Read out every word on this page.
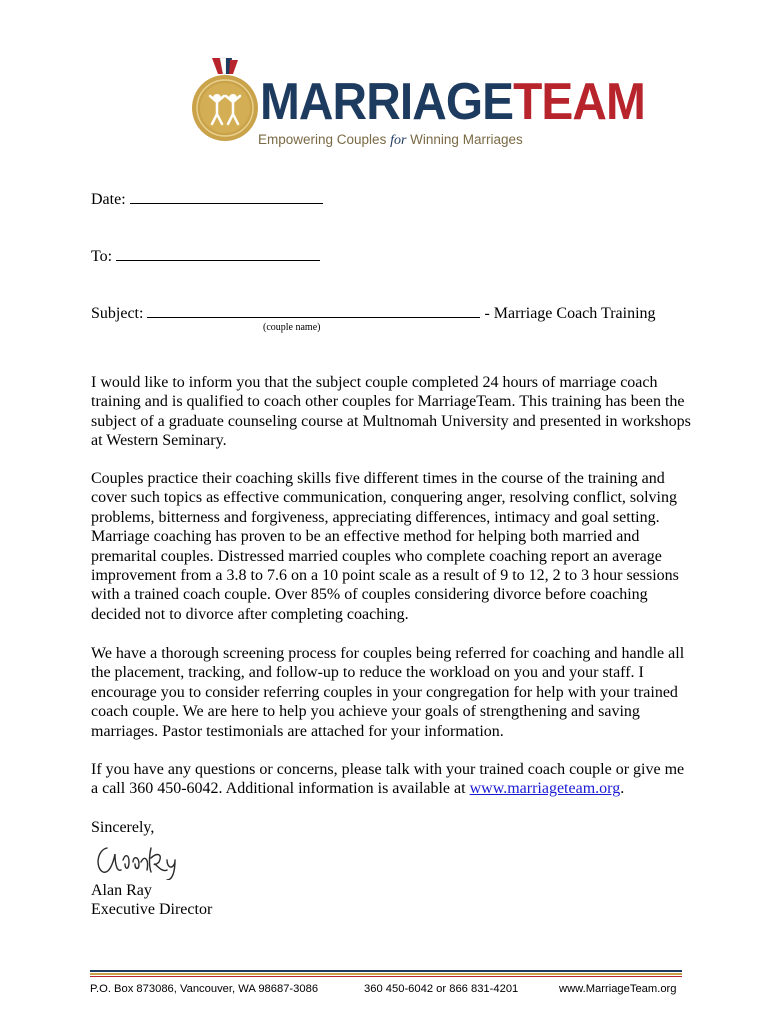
MARRIAGETEAM
Empowering Couples for Winning Marriages
Date:
To:
Subject:	- Marriage Coach Training
(couple name)
I would like to inform you that the subject couple completed 24 hours of marriage coach training and is qualified to coach other couples for MarriageTeam. This training has been the subject of a graduate counseling course at Multnomah University and presented in workshops at Western Seminary.
Couples practice their coaching skills five different times in the course of the training and cover such topics as effective communication, conquering anger, resolving conflict, solving problems, bitterness and forgiveness, appreciating differences, intimacy and goal setting. Marriage coaching has proven to be an effective method for helping both married and premarital couples. Distressed married couples who complete coaching report an average improvement from a 3.8 to 7.6 on a 10 point scale as a result of 9 to 12, 2 to 3 hour sessions with a trained coach couple. Over 85% of couples considering divorce before coaching decided not to divorce after completing coaching.
We have a thorough screening process for couples being referred for coaching and handle all the placement, tracking, and follow-up to reduce the workload on you and your staff. I encourage you to consider referring couples in your congregation for help with your trained coach couple. We are here to help you achieve your goals of strengthening and saving marriages. Pastor testimonials are attached for your information.
If you have any questions or concerns, please talk with your trained coach couple or give me a call 360 450-6042. Additional information is available at www.marriageteam.org.
Sincerely,
Alan Ray
Executive Director
P.O. Box 873086, Vancouver, WA 98687-3086	360 450-6042 or 866 831-4201	www.MarriageTeam.org
